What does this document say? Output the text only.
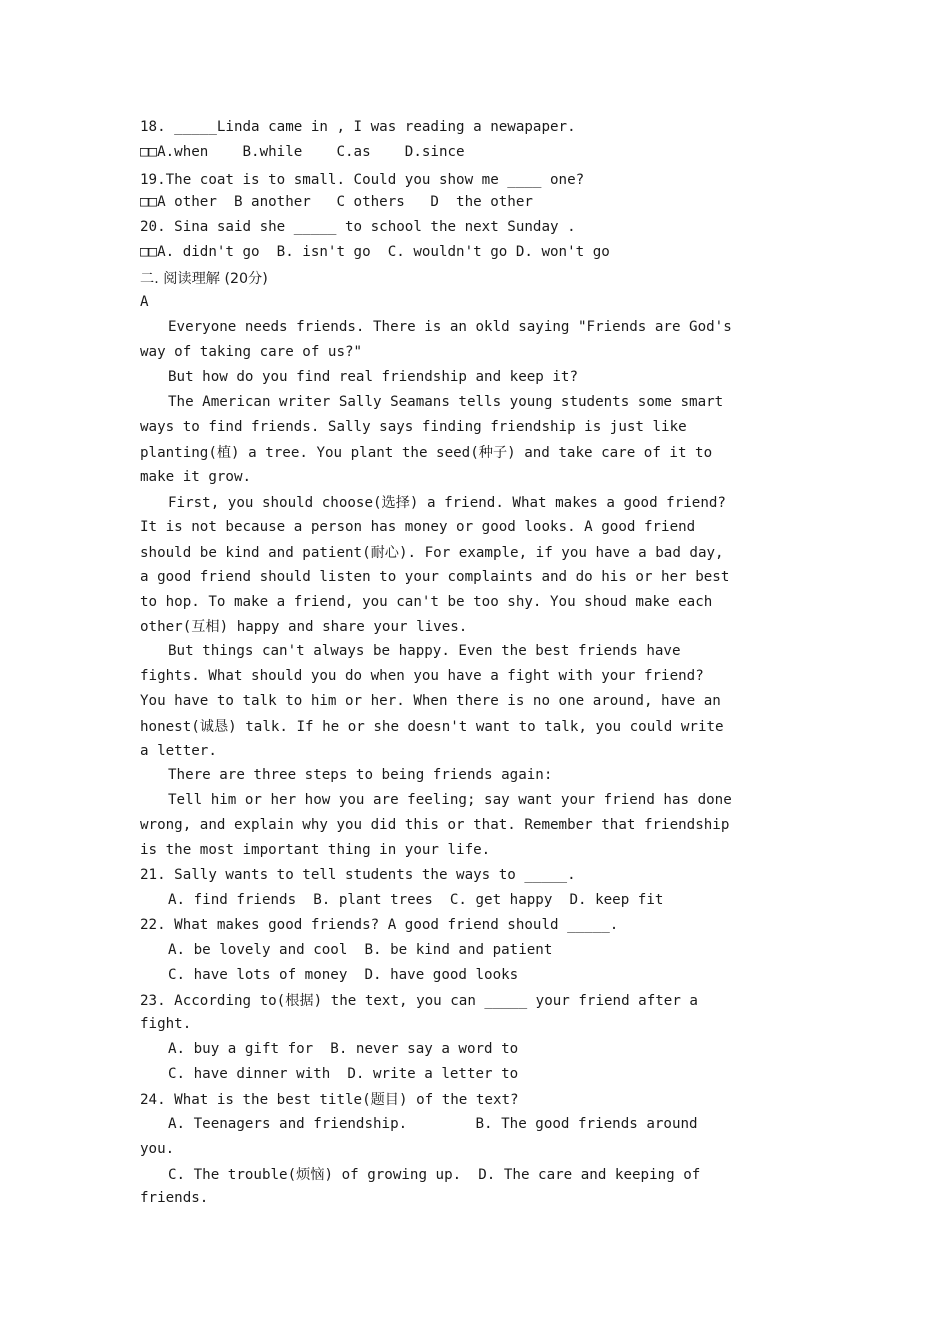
18. _____Linda came in , I was reading a newapaper.
□□A.when    B.while    C.as    D.since
19.The coat is to small. Could you show me ____ one?
□□A other  B another   C others   D  the other
20. Sina said she _____ to school the next Sunday .
□□A. didn't go  B. isn't go  C. wouldn't go D. won't go
二. 阅读理解 (20分)
A
Everyone needs friends. There is an okld saying "Friends are God's
way of taking care of us?"
But how do you find real friendship and keep it?
The American writer Sally Seamans tells young students some smart
ways to find friends. Sally says finding friendship is just like
planting(植) a tree. You plant the seed(种子) and take care of it to
make it grow.
First, you should choose(选择) a friend. What makes a good friend?
It is not because a person has money or good looks. A good friend
should be kind and patient(耐心). For example, if you have a bad day,
a good friend should listen to your complaints and do his or her best
to hop. To make a friend, you can't be too shy. You shoud make each
other(互相) happy and share your lives.
But things can't always be happy. Even the best friends have
fights. What should you do when you have a fight with your friend?
You have to talk to him or her. When there is no one around, have an
honest(诚恳) talk. If he or she doesn't want to talk, you could write
a letter.
There are three steps to being friends again:
Tell him or her how you are feeling; say want your friend has done
wrong, and explain why you did this or that. Remember that friendship
is the most important thing in your life.
21. Sally wants to tell students the ways to _____.
A. find friends  B. plant trees  C. get happy  D. keep fit
22. What makes good friends? A good friend should _____.
A. be lovely and cool  B. be kind and patient
C. have lots of money  D. have good looks
23. According to(根据) the text, you can _____ your friend after a
fight.
A. buy a gift for  B. never say a word to
C. have dinner with  D. write a letter to
24. What is the best title(题目) of the text?
A. Teenagers and friendship.        B. The good friends around
you.
C. The trouble(烦恼) of growing up.  D. The care and keeping of
friends.
